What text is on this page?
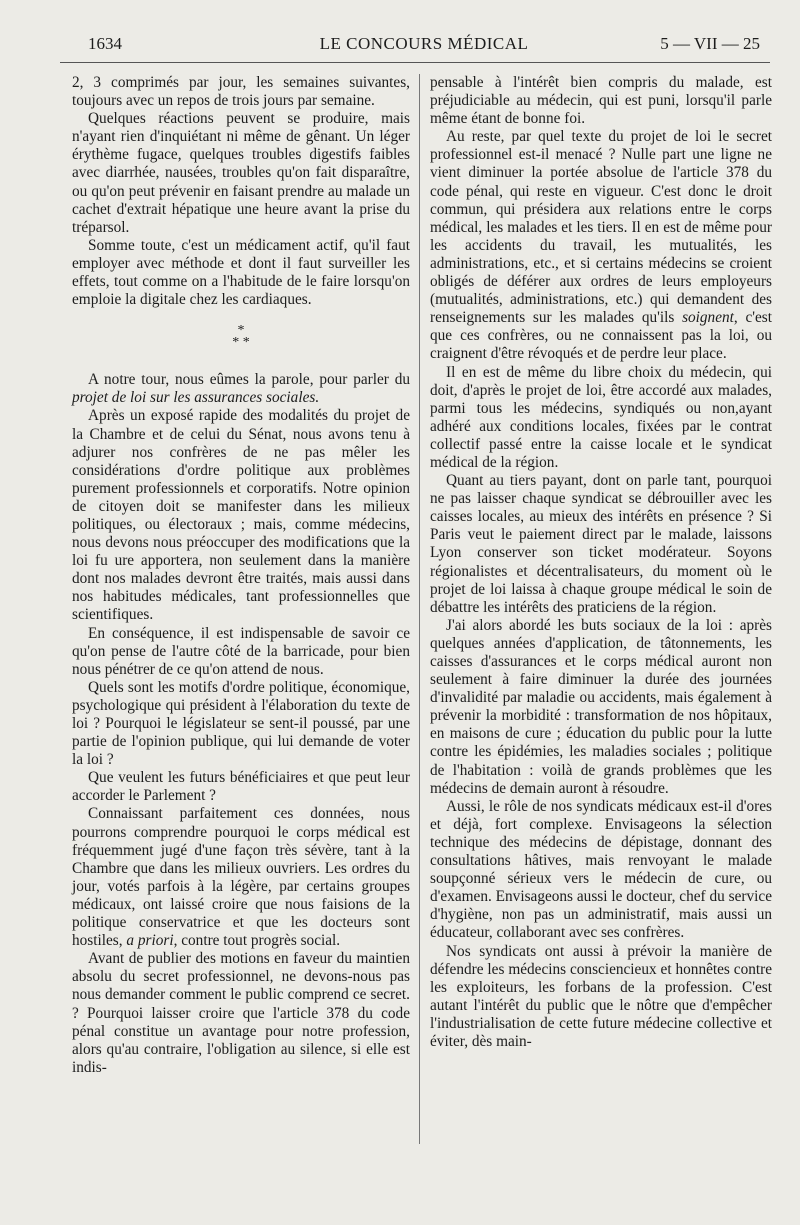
1634	LE CONCOURS MÉDICAL	5 — VII — 25

2, 3 comprimés par jour, les semaines suivantes, toujours avec un repos de trois jours par semaine.

Quelques réactions peuvent se produire, mais n'ayant rien d'inquiétant ni même de gênant. Un léger érythème fugace, quelques troubles digestifs faibles avec diarrhée, nausées, troubles qu'on fait disparaître, ou qu'on peut prévenir en faisant prendre au malade un cachet d'extrait hépatique une heure avant la prise du tréparsol.

Somme toute, c'est un médicament actif, qu'il faut employer avec méthode et dont il faut surveiller les effets, tout comme on a l'habitude de le faire lorsqu'on emploie la digitale chez les cardiaques.

*
* *

A notre tour, nous eûmes la parole, pour parler du projet de loi sur les assurances sociales.

Après un exposé rapide des modalités du projet de la Chambre et de celui du Sénat, nous avons tenu à adjurer nos confrères de ne pas mêler les considérations d'ordre politique aux problèmes purement professionnels et corporatifs. Notre opinion de citoyen doit se manifester dans les milieux politiques, ou électoraux ; mais, comme médecins, nous devons nous préoccuper des modifications que la loi fu ure apportera, non seulement dans la manière dont nos malades devront être traités, mais aussi dans nos habitudes médicales, tant professionnelles que scientifiques.

En conséquence, il est indispensable de savoir ce qu'on pense de l'autre côté de la barricade, pour bien nous pénétrer de ce qu'on attend de nous.

Quels sont les motifs d'ordre politique, économique, psychologique qui président à l'élaboration du texte de loi ? Pourquoi le législateur se sent-il poussé, par une partie de l'opinion publique, qui lui demande de voter la loi ?

Que veulent les futurs bénéficiaires et que peut leur accorder le Parlement ?

Connaissant parfaitement ces données, nous pourrons comprendre pourquoi le corps médical est fréquemment jugé d'une façon très sévère, tant à la Chambre que dans les milieux ouvriers. Les ordres du jour, votés parfois à la légère, par certains groupes médicaux, ont laissé croire que nous faisions de la politique conservatrice et que les docteurs sont hostiles, a priori, contre tout progrès social.

Avant de publier des motions en faveur du maintien absolu du secret professionnel, ne devons-nous pas nous demander comment le public comprend ce secret. ? Pourquoi laisser croire que l'article 378 du code pénal constitue un avantage pour notre profession, alors qu'au contraire, l'obligation au silence, si elle est indis-

pensable à l'intérêt bien compris du malade, est préjudiciable au médecin, qui est puni, lorsqu'il parle même étant de bonne foi.

Au reste, par quel texte du projet de loi le secret professionnel est-il menacé ? Nulle part une ligne ne vient diminuer la portée absolue de l'article 378 du code pénal, qui reste en vigueur. C'est donc le droit commun, qui présidera aux relations entre le corps médical, les malades et les tiers. Il en est de même pour les accidents du travail, les mutualités, les administrations, etc., et si certains médecins se croient obligés de déférer aux ordres de leurs employeurs (mutualités, administrations, etc.) qui demandent des renseignements sur les malades qu'ils soignent, c'est que ces confrères, ou ne connaissent pas la loi, ou craignent d'être révoqués et de perdre leur place.

Il en est de même du libre choix du médecin, qui doit, d'après le projet de loi, être accordé aux malades, parmi tous les médecins, syndiqués ou non,ayant adhéré aux conditions locales, fixées par le contrat collectif passé entre la caisse locale et le syndicat médical de la région.

Quant au tiers payant, dont on parle tant, pourquoi ne pas laisser chaque syndicat se débrouiller avec les caisses locales, au mieux des intérêts en présence ? Si Paris veut le paiement direct par le malade, laissons Lyon conserver son ticket modérateur. Soyons régionalistes et décentralisateurs, du moment où le projet de loi laissa à chaque groupe médical le soin de débattre les intérêts des praticiens de la région.

J'ai alors abordé les buts sociaux de la loi : après quelques années d'application, de tâtonnements, les caisses d'assurances et le corps médical auront non seulement à faire diminuer la durée des journées d'invalidité par maladie ou accidents, mais également à prévenir la morbidité : transformation de nos hôpitaux, en maisons de cure ; éducation du public pour la lutte contre les épidémies, les maladies sociales ; politique de l'habitation : voilà de grands problèmes que les médecins de demain auront à résoudre.

Aussi, le rôle de nos syndicats médicaux est-il d'ores et déjà, fort complexe. Envisageons la sélection technique des médecins de dépistage, donnant des consultations hâtives, mais renvoyant le malade soupçonné sérieux vers le médecin de cure, ou d'examen. Envisageons aussi le docteur, chef du service d'hygiène, non pas un administratif, mais aussi un éducateur, collaborant avec ses confrères.

Nos syndicats ont aussi à prévoir la manière de défendre les médecins consciencieux et honnêtes contre les exploiteurs, les forbans de la profession. C'est autant l'intérêt du public que le nôtre que d'empêcher l'industrialisation de cette future médecine collective et éviter, dès main-
